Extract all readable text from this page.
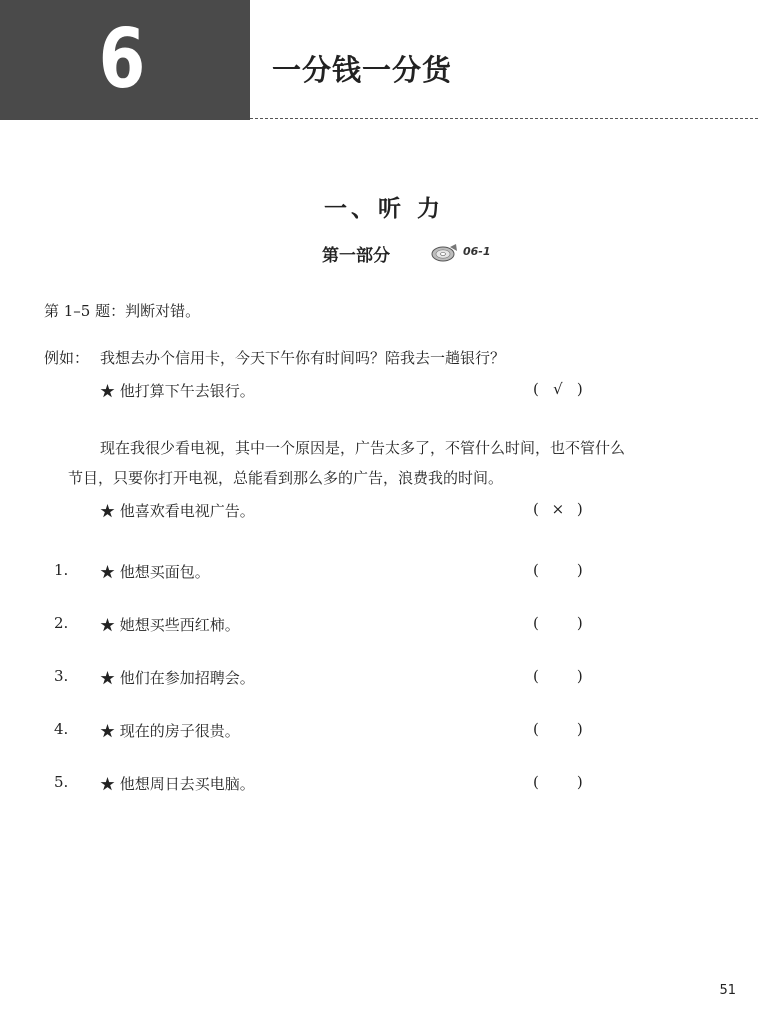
6	一分钱一分货
一、听 力
第一部分	06-1
第 1–5 题：判断对错。
例如： 我想去办个信用卡，今天下午你有时间吗？陪我去一趟银行？
★ 他打算下午去银行。	( √ )
现在我很少看电视，其中一个原因是，广告太多了，不管什么时间，也不管什么
节目，只要你打开电视，总能看到那么多的广告，浪费我的时间。
★ 他喜欢看电视广告。	( × )
1. ★ 他想买面包。	(	)
2. ★ 她想买些西红柿。	(	)
3. ★ 他们在参加招聘会。	(	)
4. ★ 现在的房子很贵。	(	)
5. ★ 他想周日去买电脑。	(	)
51
